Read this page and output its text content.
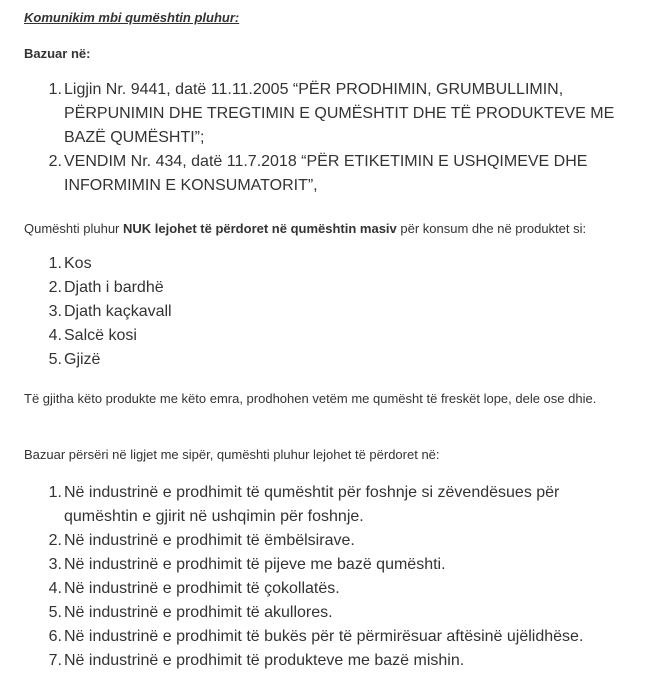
Komunikim mbi qumështin pluhur:
Bazuar në:
1. Ligjin Nr. 9441, datë 11.11.2005 “PËR PRODHIMIN, GRUMBULLIMIN, PËRPUNIMIN DHE TREGTIMIN E QUMËSHTIT DHE TË PRODUKTEVE ME BAZË QUMËSHTI”;
2. VENDIM Nr. 434, datë 11.7.2018 “PËR ETIKETIMIN E USHQIMEVE DHE INFORMIMIN E KONSUMATORIT”,
Qumështi pluhur NUK lejohet të përdoret në qumështin masiv për konsum dhe në produktet si:
1. Kos
2. Djath i bardhë
3. Djath kaçkavall
4. Salcë kosi
5. Gjizë
Të gjitha këto produkte me këto emra, prodhohen vetëm me qumësht të freskët lope, dele ose dhie.
Bazuar përsëri në ligjet me sipër, qumështi pluhur lejohet të përdoret në:
1. Në industrinë e prodhimit të qumështit për foshnje si zëvendësues për qumështin e gjirit në ushqimin për foshnje.
2. Në industrinë e prodhimit të ëmbëlsirave.
3. Në industrinë e prodhimit të pijeve me bazë qumështi.
4. Në industrinë e prodhimit të çokollatës.
5. Në industrinë e prodhimit të akullores.
6. Në industrinë e prodhimit të bukës për të përmirësuar aftësinë ujëlidhëse.
7. Në industrinë e prodhimit të produkteve me bazë mishin.
